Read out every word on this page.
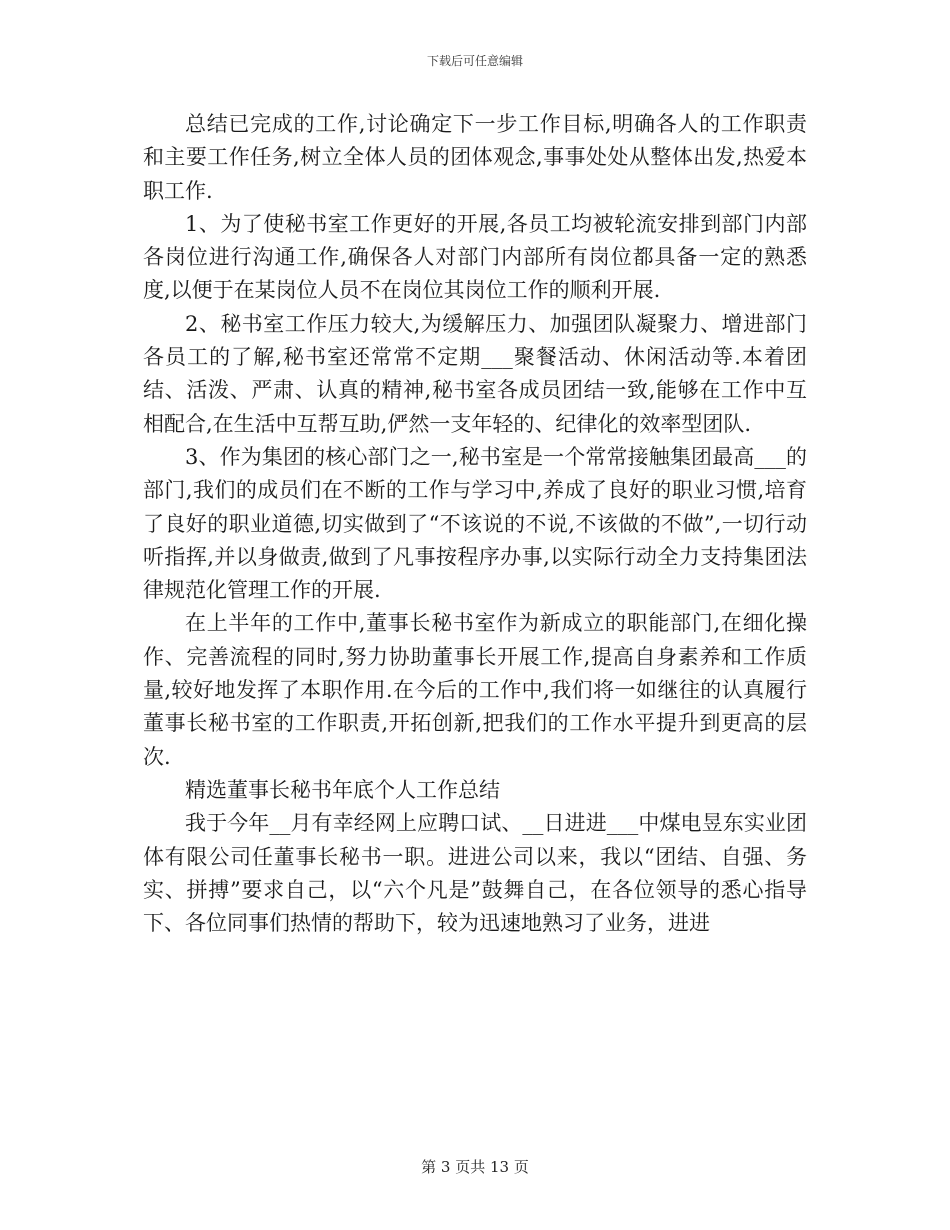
下载后可任意编辑

总结已完成的工作,讨论确定下一步工作目标,明确各人的工作职责和主要工作任务,树立全体人员的团体观念,事事处处从整体出发,热爱本职工作.

1、为了使秘书室工作更好的开展,各员工均被轮流安排到部门内部各岗位进行沟通工作,确保各人对部门内部所有岗位都具备一定的熟悉度,以便于在某岗位人员不在岗位其岗位工作的顺利开展.

2、秘书室工作压力较大,为缓解压力、加强团队凝聚力、增进部门各员工的了解,秘书室还常常不定期___聚餐活动、休闲活动等.本着团结、活泼、严肃、认真的精神,秘书室各成员团结一致,能够在工作中互相配合,在生活中互帮互助,俨然一支年轻的、纪律化的效率型团队.

3、作为集团的核心部门之一,秘书室是一个常常接触集团最高___的部门,我们的成员们在不断的工作与学习中,养成了良好的职业习惯,培育了良好的职业道德,切实做到了“不该说的不说,不该做的不做”,一切行动听指挥,并以身做责,做到了凡事按程序办事,以实际行动全力支持集团法律规范化管理工作的开展.

在上半年的工作中,董事长秘书室作为新成立的职能部门,在细化操作、完善流程的同时,努力协助董事长开展工作,提高自身素养和工作质量,较好地发挥了本职作用.在今后的工作中,我们将一如继往的认真履行董事长秘书室的工作职责,开拓创新,把我们的工作水平提升到更高的层次.

精选董事长秘书年底个人工作总结

我于今年__月有幸经网上应聘口试、__日进进___中煤电昱东实业团体有限公司任董事长秘书一职。进进公司以来，我以“团结、自强、务实、拼搏”要求自己，以“六个凡是”鼓舞自己，在各位领导的悉心指导下、各位同事们热情的帮助下，较为迅速地熟习了业务，进进

第 3 页共 13 页
